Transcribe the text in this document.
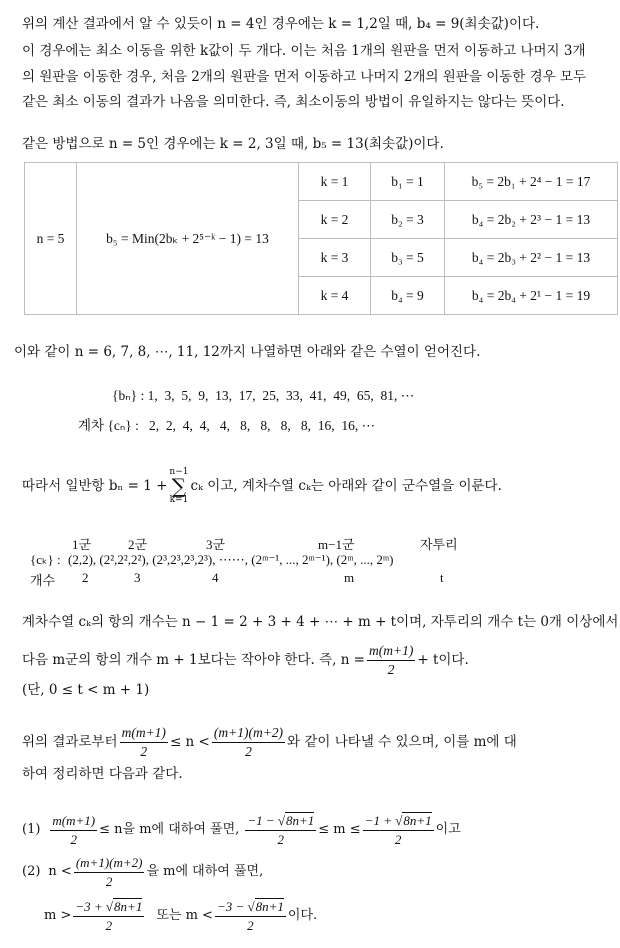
위의 계산 결과에서 알 수 있듯이 n = 4인 경우에는 k = 1,2일 때, b₄ = 9(최솟값)이다.
이 경우에는 최소 이동을 위한 k값이 두 개다. 이는 처음 1개의 원판을 먼저 이동하고 나머지 3개
의 원판을 이동한 경우, 처음 2개의 원판을 먼저 이동하고 나머지 2개의 원판을 이동한 경우 모두
같은 최소 이동의 결과가 나옴을 의미한다. 즉, 최소이동의 방법이 유일하지는 않다는 뜻이다.
같은 방법으로 n = 5인 경우에는 k = 2, 3일 때, b₅ = 13(최솟값)이다.
n = 5	b₅ = Min(2bₖ + 2⁵⁻ᵏ − 1) = 13	k = 1	b₁ = 1	b₅ = 2b₁ + 2⁴ − 1 = 17
		k = 2	b₂ = 3	b₄ = 2b₂ + 2³ − 1 = 13
		k = 3	b₃ = 5	b₄ = 2b₃ + 2² − 1 = 13
		k = 4	b₄ = 9	b₄ = 2b₄ + 2¹ − 1 = 19
이와 같이 n = 6, 7, 8, ⋯, 11, 12까지 나열하면 아래와 같은 수열이 얻어진다.
{bₙ} : 1,  3,  5,  9,  13,  17,  25,  33,  41,  49,  65,  81, ⋯
계차 {cₙ} :   2,  2,  4,  4,   4,   8,   8,   8,   8,  16,  16, ⋯
따라서 일반항 bₙ = 1 +
n−1
∑
k=1
cₖ 이고, 계차수열 cₖ는 아래와 같이 군수열을 이룬다.
1군	2군	3군	m−1군	자투리
{cₖ} : (2,2), (2²,2²,2²), (2³,2³,2³,2³), ⋯⋯, (2ᵐ⁻¹, ..., 2ᵐ⁻¹), (2ᵐ, ..., 2ᵐ)
개수 2	3	4	m	t
계차수열 cₖ의 항의 개수는 n − 1 = 2 + 3 + 4 + ⋯ + m + t이며, 자투리의 개수 t는 0개 이상에서
다음 m군의 항의 개수 m + 1보다는 작아야 한다. 즉, $n = \frac{m(m+1)}{2} + t$이다.
(단, 0 ≤ t < m + 1)
위의 결과로부터 $\frac{m(m+1)}{2} \le n < \frac{(m+1)(m+2)}{2}$ 와 같이 나타낼 수 있으며, 이를 m에 대
하여 정리하면 다음과 같다.
$(1) \frac{m(m+1)}{2} \le n$을 m에 대하여 풀면, $\frac{-1 - √8n+1}{2} \le m \le \frac{-1 + √8n+1}{2}$ 이고
(2) $n < \frac{(m+1)(m+2)}{2}$ 을 m에 대하여 풀면,
$m > \frac{-3 + √8n+1}{2}$ 또는 $m < \frac{-3 - √8n+1}{2}$ 이다.
